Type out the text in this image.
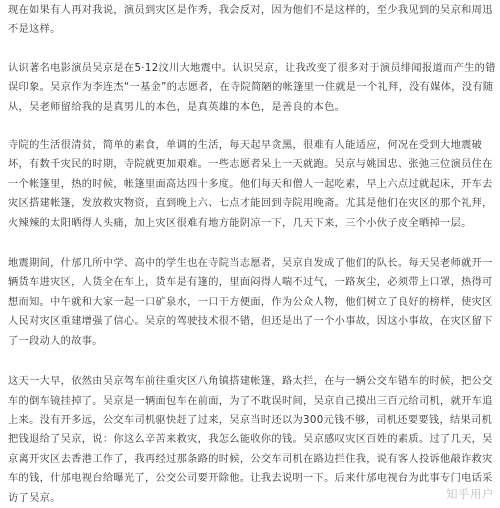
现在如果有人再对我说，演员到灾区是作秀，我会反对，因为他们不是这样的，至少我见到的吴京和周迅不是这样。

认识著名电影演员吴京是在5·12汶川大地震中。认识吴京，让我改变了很多对于演员绯闻报道而产生的错误印象。吴京作为李连杰“一基金”的志愿者，在寺院简陋的帐篷里一住就是一个礼拜，没有媒体，没有随从，吴老师留给我的是真男儿的本色，是真英雄的本色，是善良的本色。

寺院的生活很清贫，简单的素食，单调的生活，每天起早贪黑，很难有人能适应，何况在受到大地震破坏，有数千灾民的时期，寺院就更加艰难。一些志愿者呆上一天就跑。吴京与姚国忠、张弛三位演员住在一个帐篷里，热的时候，帐篷里面高达四十多度。他们每天和僧人一起吃素，早上六点过就起床，开车去灾区搭建帐篷，发放救灾物资，直到晚上六、七点才能回到寺院用晚斋。尤其是他们在灾区的那个礼拜，火辣辣的太阳晒得人头痛，加上灾区很难有地方能阴凉一下，几天下来，三个小伙子皮全晒掉一层。

地震期间，什邡几所中学、高中的学生也在寺院当志愿者，吴京自发成了他们的队长。每天吴老师就开一辆货车进灾区，人货全在车上，货车是有篷的，里面闷得人喘不过气，一路灰尘，必须带上口罩，热得可想而知。中午就和大家一起一口矿泉水，一口干方便面，作为公众人物，他们树立了良好的榜样，使灾区人民对灾区重建增强了信心。吴京的驾驶技术很不错，但还是出了一个小事故，因这小事故，在灾区留下了一段动人的故事。

这天一大早，依然由吴京驾车前往重灾区八角镇搭建帐篷，路太拦，在与一辆公交车错车的时候，把公交车的倒车镜挂掉了。吴京是一辆面包车在前面，为了不耽误时间，吴京自己摸出三百元给司机，就开车追上来。没有开多远，公交车司机驱快赶了过来，吴京当时还以为300元钱不够，司机还要要钱，结果司机把钱退给了吴京，说：你这么辛苦来救灾，我怎么能收你的钱。吴京感叹灾区百姓的素质。过了几天，吴京离开灾区去香港工作了，我再经过那条路的时候，公交车司机在路边拦住我，说有客人投诉他敲诈救灾车的钱，什邡电视台给曝光了，公交公司要开除他。让我去说明一下。后来什邡电视台为此事专门电话采访了吴京。	知乎用户
